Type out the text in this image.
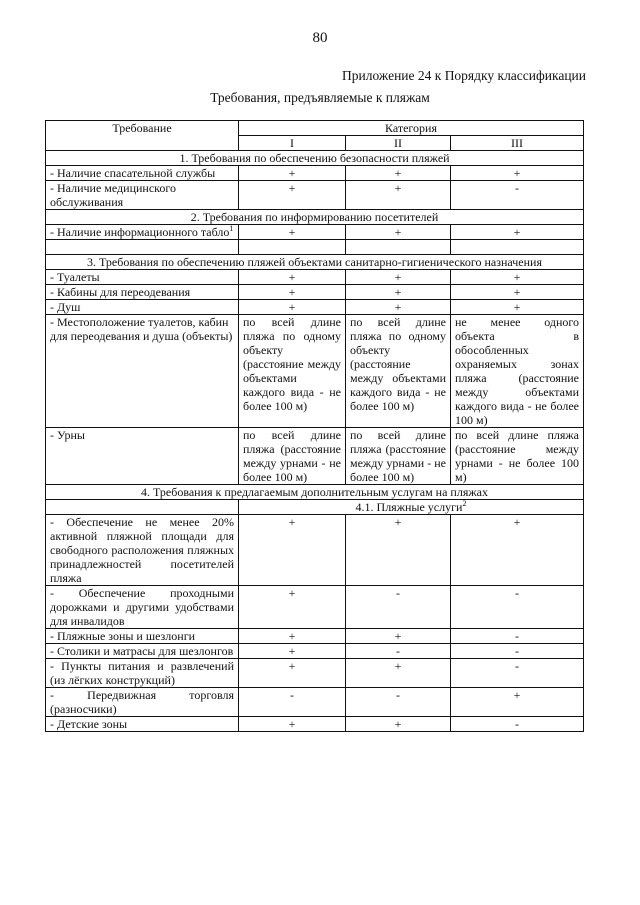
80
Приложение 24 к Порядку классификации
Требования, предъявляемые к пляжам
Требование	Категория		
	I	II	III
1. Требования по обеспечению безопасности пляжей			
- Наличие спасательной службы	+	+	+
- Наличие медицинского обслуживания	+	+	-
2. Требования по информированию посетителей			
- Наличие информационного табло$^1$	+	+	+

3. Требования по обеспечению пляжей объектами санитарно-гигиенического назначения			
- Туалеты	+	+	+
- Кабины для переодевания	+	+	+
- Душ	+	+	+
- Местоположение туалетов, кабин для переодевания и душа (объекты)	по всей длине пляжа по одному объекту (расстояние между объектами каждого вида - не более 100 м)	по всей длине пляжа по одному объекту (расстояние между объектами каждого вида - не более 100 м)	не менее одного объекта в обособленных охраняемых зонах пляжа (расстояние между объектами каждого вида - не более 100 м)
- Урны	по всей длине пляжа (расстояние между урнами - не более 100 м)	по всей длине пляжа (расстояние между урнами - не более 100 м)	по всей длине пляжа (расстояние между урнами - не более 100 м)
4. Требования к предлагаемым дополнительным услугам на пляжах			
	4.1. Пляжные услуги$^2$
- Обеспечение не менее 20% активной пляжной площади для свободного расположения пляжных принадлежностей посетителей пляжа	+	+	+
- Обеспечение проходными дорожками и другими удобствами для инвалидов	+	-	-
- Пляжные зоны и шезлонги	+	+	-
- Столики и матрасы для шезлонгов	+	-	-
- Пункты питания и развлечений (из лёгких конструкций)	+	+	-
- Передвижная торговля (разносчики)	-	-	+
- Детские зоны	+	+	-
